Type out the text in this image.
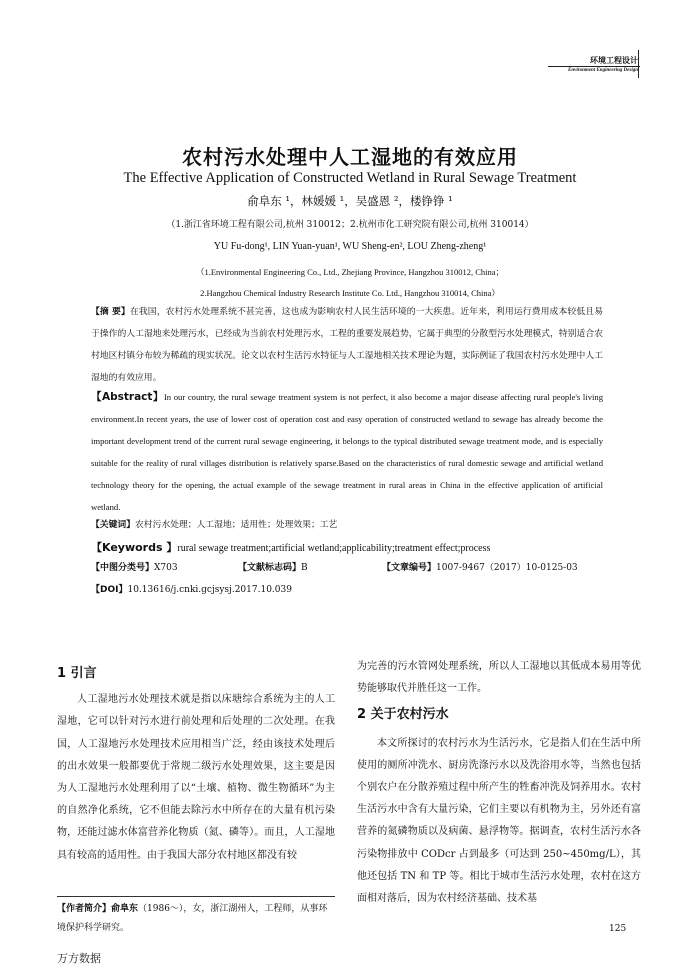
环境工程设计
Environment Engineering Design
农村污水处理中人工湿地的有效应用
The Effective Application of Constructed Wetland in Rural Sewage Treatment
俞阜东 ¹，林媛媛 ¹，吴盛恩 ²，楼铮铮 ¹
（1.浙江省环境工程有限公司,杭州 310012；2.杭州市化工研究院有限公司,杭州 310014）
YU Fu-dong¹, LIN Yuan-yuan¹, WU Sheng-en², LOU Zheng-zheng¹
（1.Environmental Engineering Co., Ltd., Zhejiang Province, Hangzhou 310012, China；
2.Hangzhou Chemical Industry Research Institute Co. Ltd., Hangzhou 310014, China）
【摘 要】在我国，农村污水处理系统不甚完善，这也成为影响农村人民生活环境的一大疾患。近年来，利用运行费用成本较低且易于操作的人工湿地来处理污水，已经成为当前农村处理污水，工程的重要发展趋势，它属于典型的分散型污水处理模式，特别适合农村地区村镇分布较为稀疏的现实状况。论文以农村生活污水特征与人工湿地相关技术理论为题，实际例证了我国农村污水处理中人工湿地的有效应用。
【Abstract】In our country, the rural sewage treatment system is not perfect, it also become a major disease affecting rural people's living environment.In recent years, the use of lower cost of operation cost and easy operation of constructed wetland to sewage has already become the important development trend of the current rural sewage engineering, it belongs to the typical distributed sewage treatment mode, and is especially suitable for the reality of rural villages distribution is relatively sparse.Based on the characteristics of rural domestic sewage and artificial wetland technology theory for the opening, the actual example of the sewage treatment in rural areas in China in the effective application of artificial wetland.
【关键词】农村污水处理；人工湿地；适用性；处理效果；工艺
【Keywords 】rural sewage treatment;artificial wetland;applicability;treatment effect;process
【中图分类号】X703	【文献标志码】B	【文章编号】1007-9467（2017）10-0125-03
【DOI】10.13616/j.cnki.gcjsysj.2017.10.039
1 引言

人工湿地污水处理技术就是指以床塘综合系统为主的人工湿地，它可以针对污水进行前处理和后处理的二次处理。在我国，人工湿地污水处理技术应用相当广泛，经由该技术处理后的出水效果一般都要优于常规二级污水处理效果，这主要是因为人工湿地污水处理利用了以“土壤、植物、微生物循环”为主的自然净化系统，它不但能去除污水中所存在的大量有机污染物，还能过滤水体富营养化物质（氮、磷等）。而且，人工湿地具有较高的适用性。由于我国大部分农村地区都没有较

为完善的污水管网处理系统，所以人工湿地以其低成本易用等优势能够取代并胜任这一工作。

2 关于农村污水

本文所探讨的农村污水为生活污水，它是指人们在生活中所使用的厕所冲洗水、厨房洗涤污水以及洗浴用水等，当然也包括个别农户在分散养殖过程中所产生的牲畜冲洗及饲养用水。农村生活污水中含有大量污染，它们主要以有机物为主，另外还有富营养的氮磷物质以及病菌、悬浮物等。据调查，农村生活污水各污染物排放中 CODcr 占到最多（可达到 250~450mg/L），其他还包括 TN 和 TP 等。相比于城市生活污水处理，农村在这方面相对落后，因为农村经济基础、技术基

【作者简介】俞阜东（1986～），女，浙江湖州人，工程师，从事环境保护科学研究。	125
万方数据
